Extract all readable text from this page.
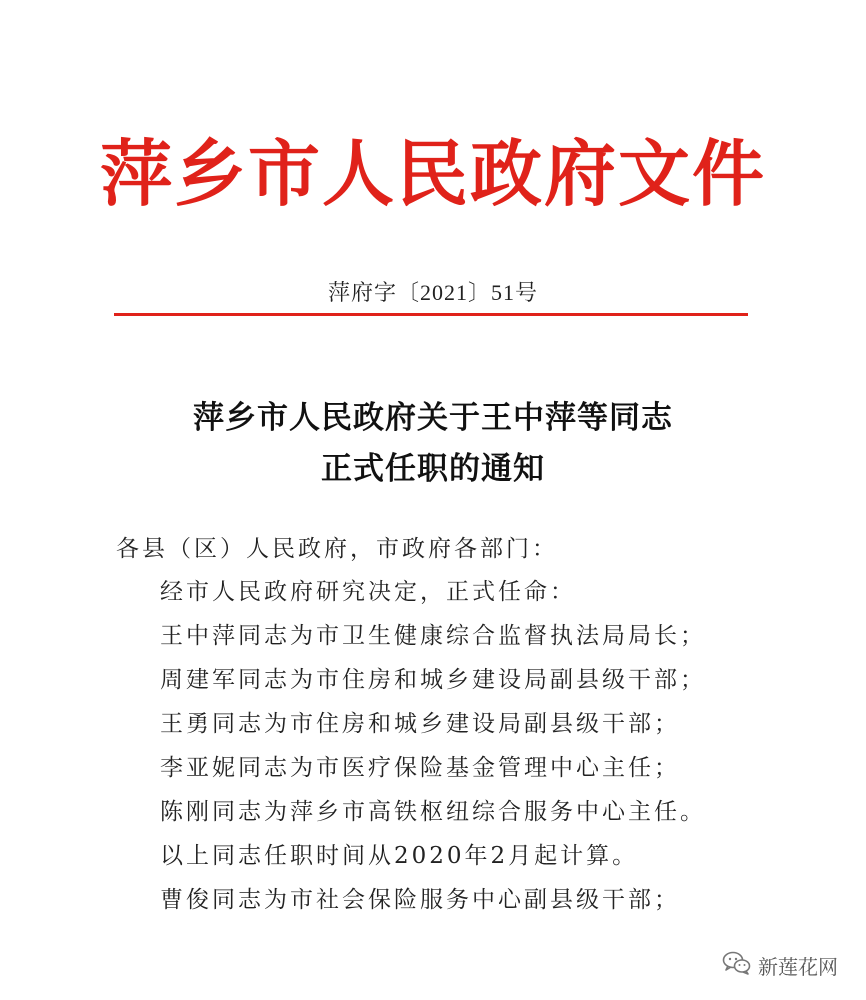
萍乡市人民政府文件
萍府字〔2021〕51号
萍乡市人民政府关于王中萍等同志
正式任职的通知
各县（区）人民政府，市政府各部门：
经市人民政府研究决定，正式任命：
王中萍同志为市卫生健康综合监督执法局局长；
周建军同志为市住房和城乡建设局副县级干部；
王勇同志为市住房和城乡建设局副县级干部；
李亚妮同志为市医疗保险基金管理中心主任；
陈刚同志为萍乡市高铁枢纽综合服务中心主任。
以上同志任职时间从2020年2月起计算。
曹俊同志为市社会保险服务中心副县级干部；
新莲花网
